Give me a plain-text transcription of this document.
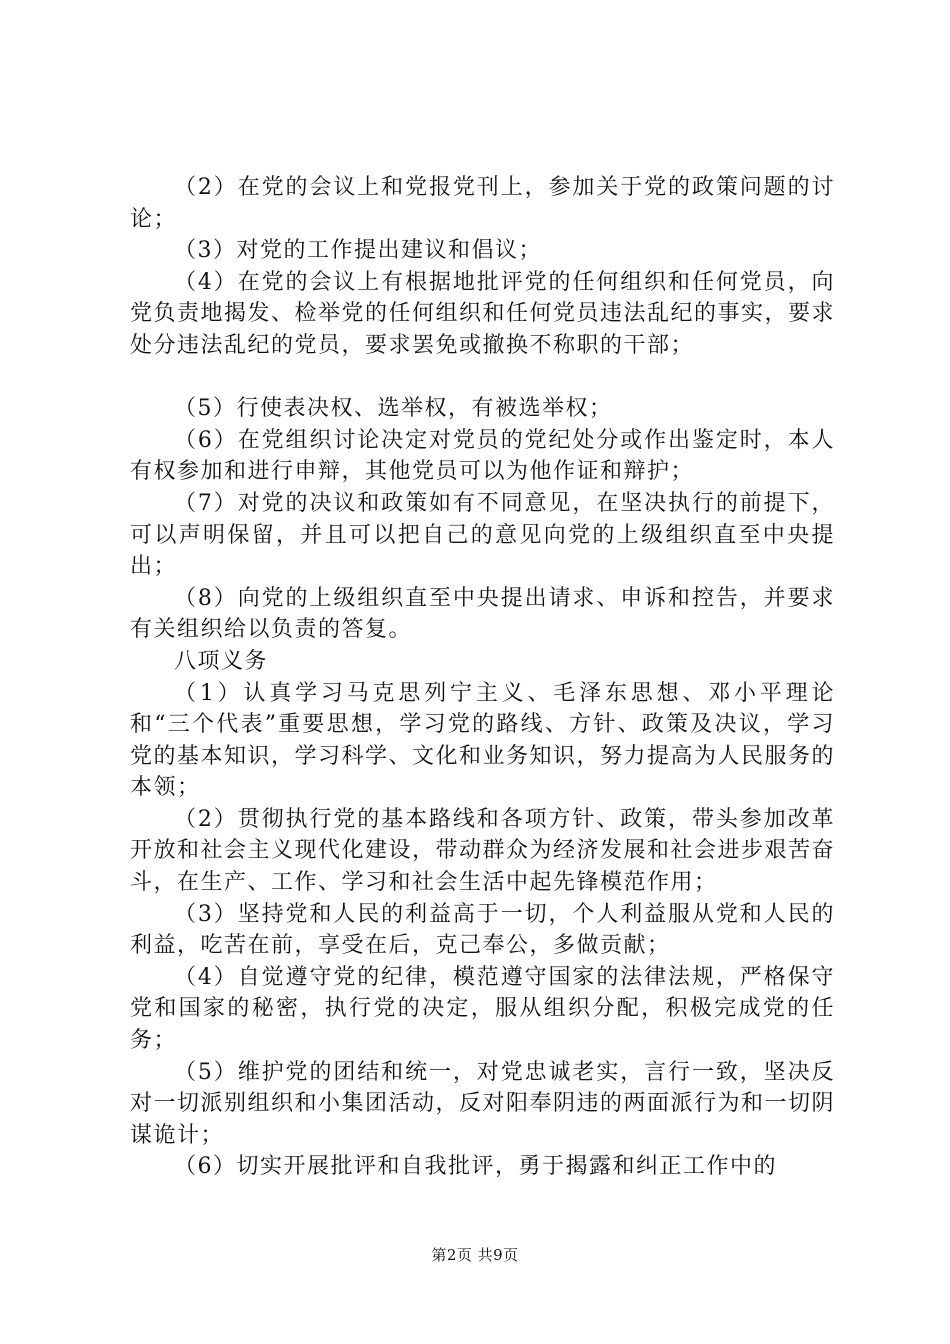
（2）在党的会议上和党报党刊上，参加关于党的政策问题的讨论；

（3）对党的工作提出建议和倡议；

（4）在党的会议上有根据地批评党的任何组织和任何党员，向党负责地揭发、检举党的任何组织和任何党员违法乱纪的事实，要求处分违法乱纪的党员，要求罢免或撤换不称职的干部；

（5）行使表决权、选举权，有被选举权；

（6）在党组织讨论决定对党员的党纪处分或作出鉴定时，本人有权参加和进行申辩，其他党员可以为他作证和辩护；

（7）对党的决议和政策如有不同意见，在坚决执行的前提下，可以声明保留，并且可以把自己的意见向党的上级组织直至中央提出；

（8）向党的上级组织直至中央提出请求、申诉和控告，并要求有关组织给以负责的答复。

八项义务

（1）认真学习马克思列宁主义、毛泽东思想、邓小平理论和“三个代表”重要思想，学习党的路线、方针、政策及决议，学习党的基本知识，学习科学、文化和业务知识，努力提高为人民服务的本领；

（2）贯彻执行党的基本路线和各项方针、政策，带头参加改革开放和社会主义现代化建设，带动群众为经济发展和社会进步艰苦奋斗，在生产、工作、学习和社会生活中起先锋模范作用；

（3）坚持党和人民的利益高于一切，个人利益服从党和人民的利益，吃苦在前，享受在后，克己奉公，多做贡献；

（4）自觉遵守党的纪律，模范遵守国家的法律法规，严格保守党和国家的秘密，执行党的决定，服从组织分配，积极完成党的任务；

（5）维护党的团结和统一，对党忠诚老实，言行一致，坚决反对一切派别组织和小集团活动，反对阳奉阴违的两面派行为和一切阴谋诡计；

（6）切实开展批评和自我批评，勇于揭露和纠正工作中的

第2页 共9页
